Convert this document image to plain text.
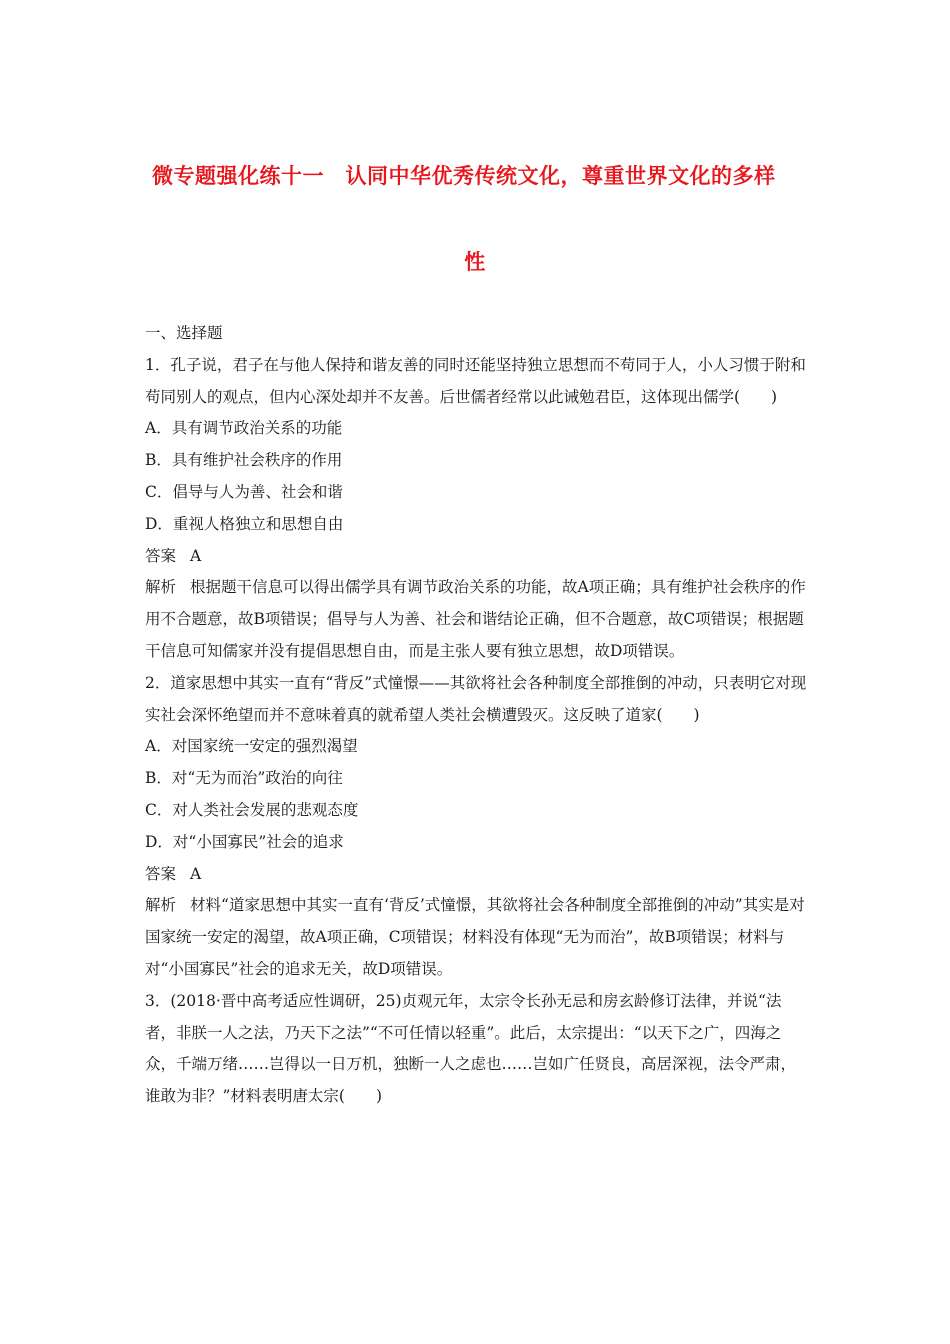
微专题强化练十一　认同中华优秀传统文化，尊重世界文化的多样
性

一、选择题

1．孔子说，君子在与他人保持和谐友善的同时还能坚持独立思想而不苟同于人，小人习惯于附和苟同别人的观点，但内心深处却并不友善。后世儒者经常以此诫勉君臣，这体现出儒学(　　)

A．具有调节政治关系的功能

B．具有维护社会秩序的作用

C．倡导与人为善、社会和谐

D．重视人格独立和思想自由

答案 A

解析 根据题干信息可以得出儒学具有调节政治关系的功能，故A项正确；具有维护社会秩序的作用不合题意，故B项错误；倡导与人为善、社会和谐结论正确，但不合题意，故C项错误；根据题干信息可知儒家并没有提倡思想自由，而是主张人要有独立思想，故D项错误。

2．道家思想中其实一直有“背反”式憧憬——其欲将社会各种制度全部推倒的冲动，只表明它对现实社会深怀绝望而并不意味着真的就希望人类社会横遭毁灭。这反映了道家(　　)

A．对国家统一安定的强烈渴望

B．对“无为而治”政治的向往

C．对人类社会发展的悲观态度

D．对“小国寡民”社会的追求

答案 A

解析 材料“道家思想中其实一直有‘背反’式憧憬，其欲将社会各种制度全部推倒的冲动”其实是对国家统一安定的渴望，故A项正确，C项错误；材料没有体现“无为而治”，故B项错误；材料与对“小国寡民”社会的追求无关，故D项错误。

3．(2018·晋中高考适应性调研，25)贞观元年，太宗令长孙无忌和房玄龄修订法律，并说“法者，非朕一人之法，乃天下之法”“不可任情以轻重”。此后，太宗提出：“以天下之广，四海之众，千端万绪……岂得以一日万机，独断一人之虑也……岂如广任贤良，高居深视，法令严肃，谁敢为非？”材料表明唐太宗(　　)
